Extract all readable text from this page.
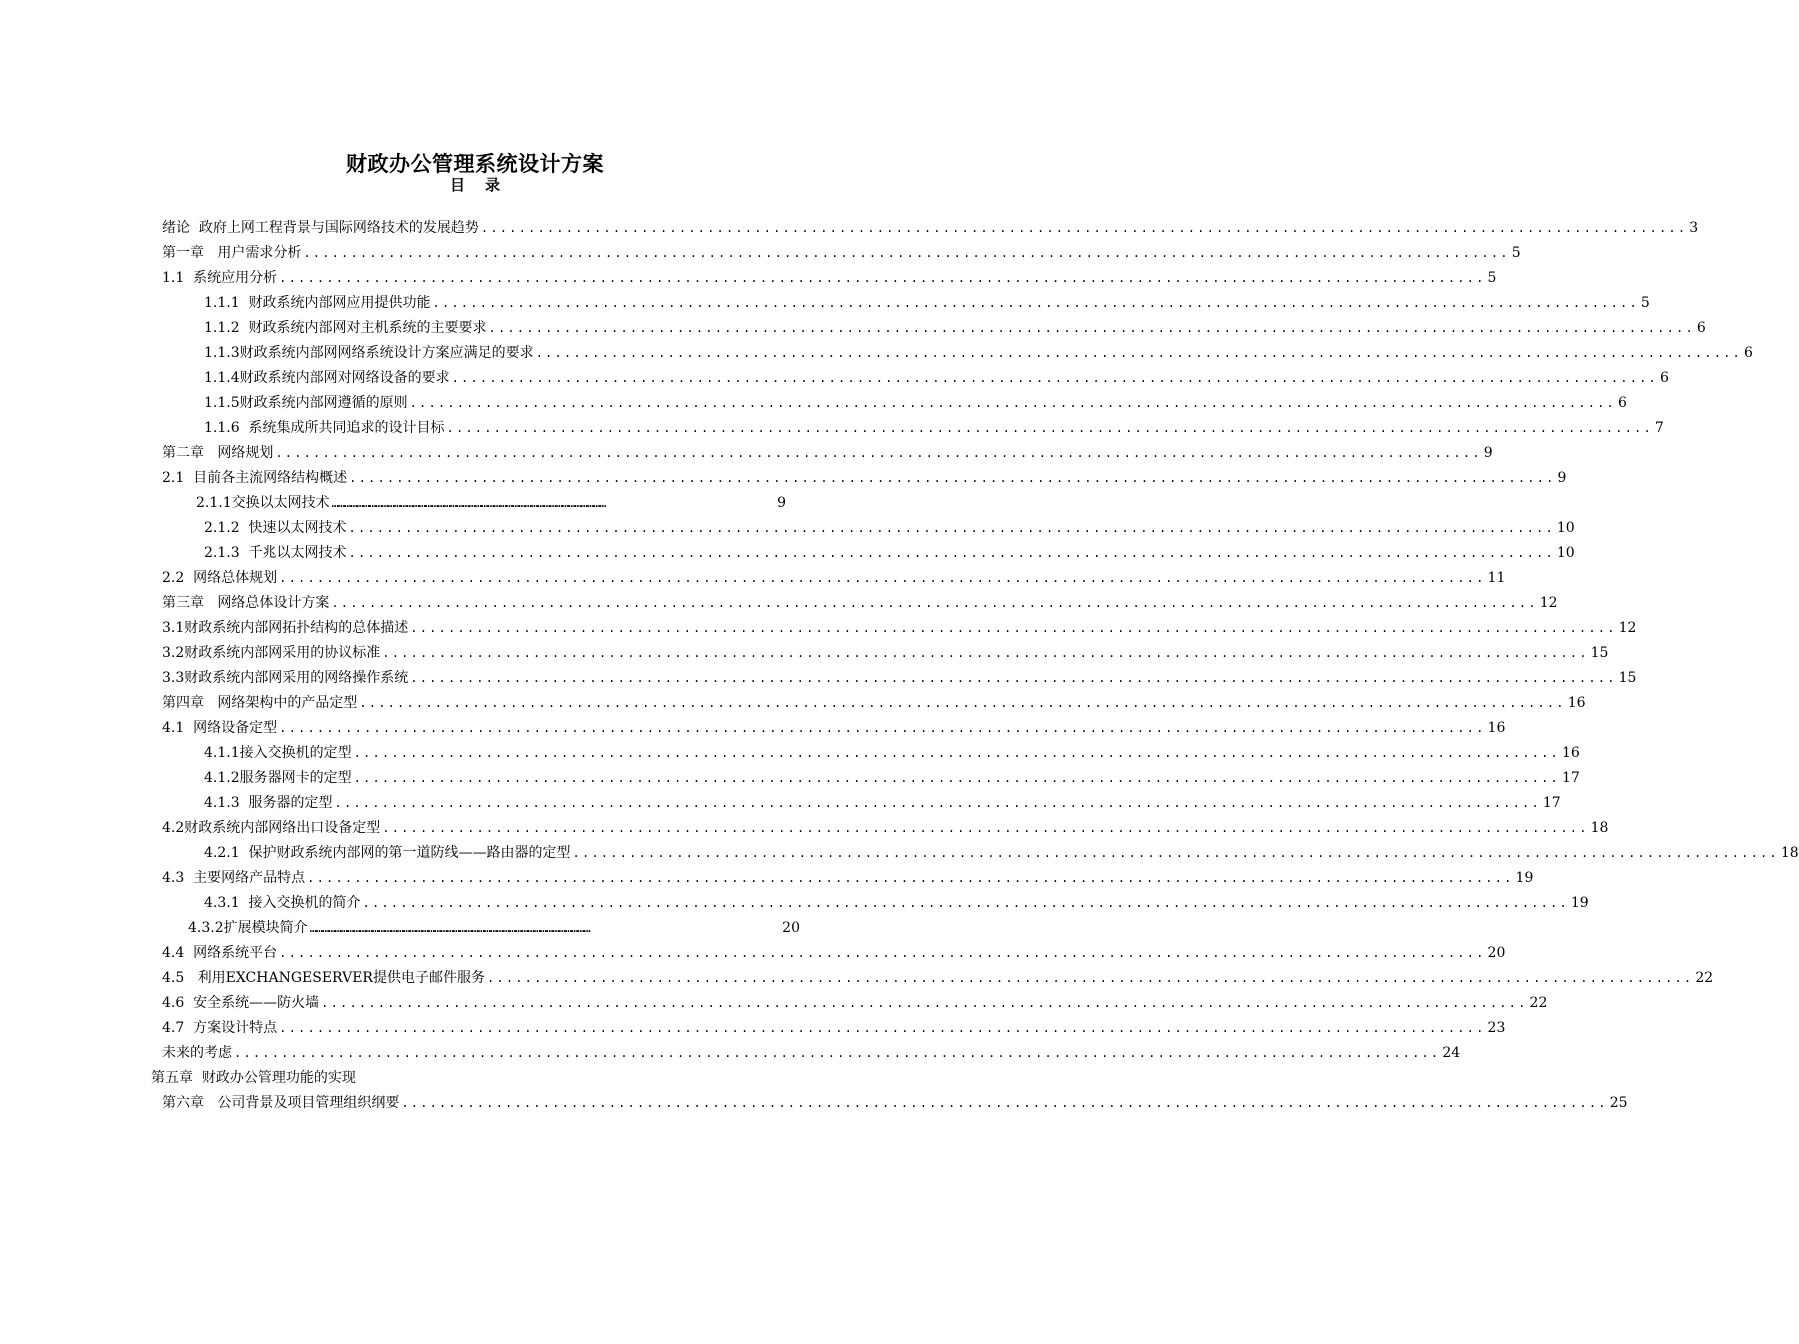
财政办公管理系统设计方案
目录
绪论  政府上网工程背景与国际网络技术的发展趋势 ................................................................................................................................ 3
第一章   用户需求分析 ................................................................................................................................ 5
1.1  系统应用分析 ................................................................................................................................ 5
1.1.1  财政系统内部网应用提供功能 ................................................................................................................................ 5
1.1.2  财政系统内部网对主机系统的主要要求 ................................................................................................................................ 6
1.1.3财政系统内部网网络系统设计方案应满足的要求 ................................................................................................................................ 6
1.1.4财政系统内部网对网络设备的要求 ................................................................................................................................ 6
1.1.5财政系统内部网遵循的原则 ................................................................................................................................ 6
1.1.6  系统集成所共同追求的设计目标 ................................................................................................................................ 7
第二章   网络规划 ................................................................................................................................ 9
2.1  目前各主流网络结构概述 ................................................................................................................................ 9
2.1.1交换以太网技术 ……………………………………………………………………………………………………………………	9
2.1.2  快速以太网技术 ................................................................................................................................ 10
2.1.3  千兆以太网技术 ................................................................................................................................ 10
2.2  网络总体规划 ................................................................................................................................ 11
第三章   网络总体设计方案 ................................................................................................................................ 12
3.1财政系统内部网拓扑结构的总体描述 ................................................................................................................................ 12
3.2财政系统内部网采用的协议标准 ................................................................................................................................ 15
3.3财政系统内部网采用的网络操作系统 ................................................................................................................................ 15
第四章   网络架构中的产品定型 ................................................................................................................................ 16
4.1  网络设备定型 ................................................................................................................................ 16
4.1.1接入交换机的定型 ................................................................................................................................ 16
4.1.2服务器网卡的定型 ................................................................................................................................ 17
4.1.3  服务器的定型 ................................................................................................................................ 17
4.2财政系统内部网络出口设备定型 ................................................................................................................................ 18
4.2.1  保护财政系统内部网的第一道防线——路由器的定型 ................................................................................................................................ 18
4.3  主要网络产品特点 ................................................................................................................................ 19
4.3.1  接入交换机的简介 ................................................................................................................................ 19
4.3.2扩展模块简介 ………………………………………………………………………………………………………………………	20
4.4  网络系统平台 ................................................................................................................................ 20
4.5   利用EXCHANGESERVER提供电子邮件服务 ................................................................................................................................ 22
4.6  安全系统——防火墙 ................................................................................................................................ 22
4.7  方案设计特点 ................................................................................................................................ 23
未来的考虑 ................................................................................................................................ 24
第五章  财政办公管理功能的实现
第六章   公司背景及项目管理组织纲要 ................................................................................................................................ 25
